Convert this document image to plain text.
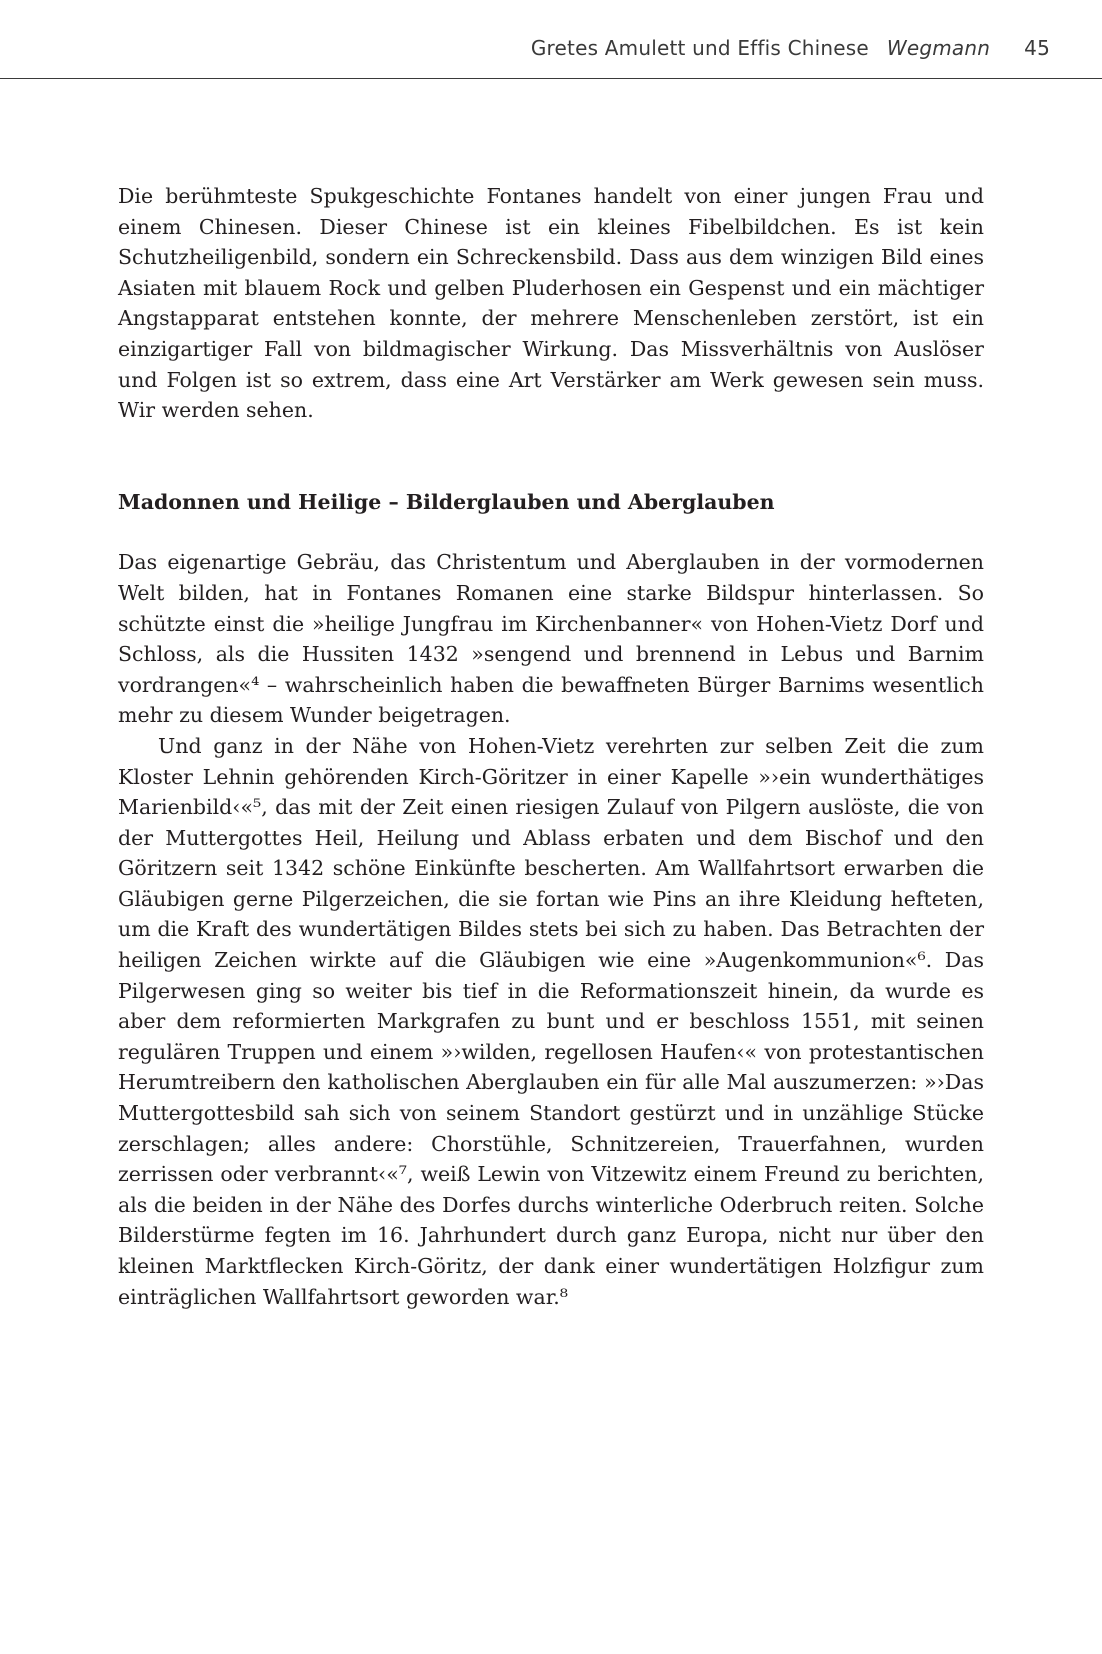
Gretes Amulett und Effis Chinese Wegmann 45

Die berühmteste Spukgeschichte Fontanes handelt von einer jungen Frau und einem Chinesen. Dieser Chinese ist ein kleines Fibelbildchen. Es ist kein Schutzheiligenbild, sondern ein Schreckensbild. Dass aus dem winzigen Bild eines Asiaten mit blauem Rock und gelben Pluderhosen ein Gespenst und ein mächtiger Angstapparat entstehen konnte, der mehrere Menschenleben zerstört, ist ein einzigartiger Fall von bildmagischer Wirkung. Das Missverhältnis von Auslöser und Folgen ist so extrem, dass eine Art Verstärker am Werk gewesen sein muss. Wir werden sehen.

Madonnen und Heilige – Bilderglauben und Aberglauben

Das eigenartige Gebräu, das Christentum und Aberglauben in der vormodernen Welt bilden, hat in Fontanes Romanen eine starke Bildspur hinterlassen. So schützte einst die »heilige Jungfrau im Kirchenbanner« von Hohen-Vietz Dorf und Schloss, als die Hussiten 1432 »sengend und brennend in Lebus und Barnim vordrangen«⁴ – wahrscheinlich haben die bewaffneten Bürger Barnims wesentlich mehr zu diesem Wunder beigetragen.

Und ganz in der Nähe von Hohen-Vietz verehrten zur selben Zeit die zum Kloster Lehnin gehörenden Kirch-Göritzer in einer Kapelle »›ein wunderthätiges Marienbild‹«⁵, das mit der Zeit einen riesigen Zulauf von Pilgern auslöste, die von der Muttergottes Heil, Heilung und Ablass erbaten und dem Bischof und den Göritzern seit 1342 schöne Einkünfte bescherten. Am Wallfahrtsort erwarben die Gläubigen gerne Pilgerzeichen, die sie fortan wie Pins an ihre Kleidung hefteten, um die Kraft des wundertätigen Bildes stets bei sich zu haben. Das Betrachten der heiligen Zeichen wirkte auf die Gläubigen wie eine »Augenkommunion«⁶. Das Pilgerwesen ging so weiter bis tief in die Reformationszeit hinein, da wurde es aber dem reformierten Markgrafen zu bunt und er beschloss 1551, mit seinen regulären Truppen und einem »›wilden, regellosen Haufen‹« von protestantischen Herumtreibern den katholischen Aberglauben ein für alle Mal auszumerzen: »›Das Muttergottesbild sah sich von seinem Standort gestürzt und in unzählige Stücke zerschlagen; alles andere: Chorstühle, Schnitzereien, Trauerfahnen, wurden zerrissen oder verbrannt‹«⁷, weiß Lewin von Vitzewitz einem Freund zu berichten, als die beiden in der Nähe des Dorfes durchs winterliche Oderbruch reiten. Solche Bilderstürme fegten im 16. Jahrhundert durch ganz Europa, nicht nur über den kleinen Marktflecken Kirch-Göritz, der dank einer wundertätigen Holzfigur zum einträglichen Wallfahrtsort geworden war.⁸
